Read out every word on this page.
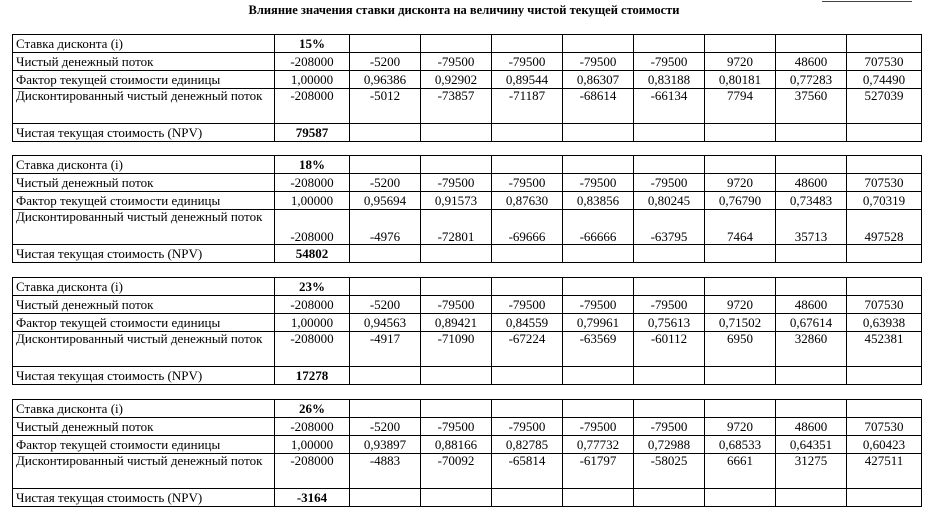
Влияние значения ставки дисконта на величину чистой текущей стоимости
Ставка дисконта (i)	15%								
Чистый денежный поток	-208000	-5200	-79500	-79500	-79500	-79500	9720	48600	707530
Фактор текущей стоимости единицы	1,00000	0,96386	0,92902	0,89544	0,86307	0,83188	0,80181	0,77283	0,74490
Дисконтированный чистый денежный поток	-208000	-5012	-73857	-71187	-68614	-66134	7794	37560	527039
Чистая текущая стоимость (NPV)	79587								
Ставка дисконта (i)	18%								
Чистый денежный поток	-208000	-5200	-79500	-79500	-79500	-79500	9720	48600	707530
Фактор текущей стоимости единицы	1,00000	0,95694	0,91573	0,87630	0,83856	0,80245	0,76790	0,73483	0,70319
Дисконтированный чистый денежный поток	-208000	-4976	-72801	-69666	-66666	-63795	7464	35713	497528
Чистая текущая стоимость (NPV)	54802								
Ставка дисконта (i)	23%								
Чистый денежный поток	-208000	-5200	-79500	-79500	-79500	-79500	9720	48600	707530
Фактор текущей стоимости единицы	1,00000	0,94563	0,89421	0,84559	0,79961	0,75613	0,71502	0,67614	0,63938
Дисконтированный чистый денежный поток	-208000	-4917	-71090	-67224	-63569	-60112	6950	32860	452381
Чистая текущая стоимость (NPV)	17278								
Ставка дисконта (i)	26%								
Чистый денежный поток	-208000	-5200	-79500	-79500	-79500	-79500	9720	48600	707530
Фактор текущей стоимости единицы	1,00000	0,93897	0,88166	0,82785	0,77732	0,72988	0,68533	0,64351	0,60423
Дисконтированный чистый денежный поток	-208000	-4883	-70092	-65814	-61797	-58025	6661	31275	427511
Чистая текущая стоимость (NPV)	-3164								
